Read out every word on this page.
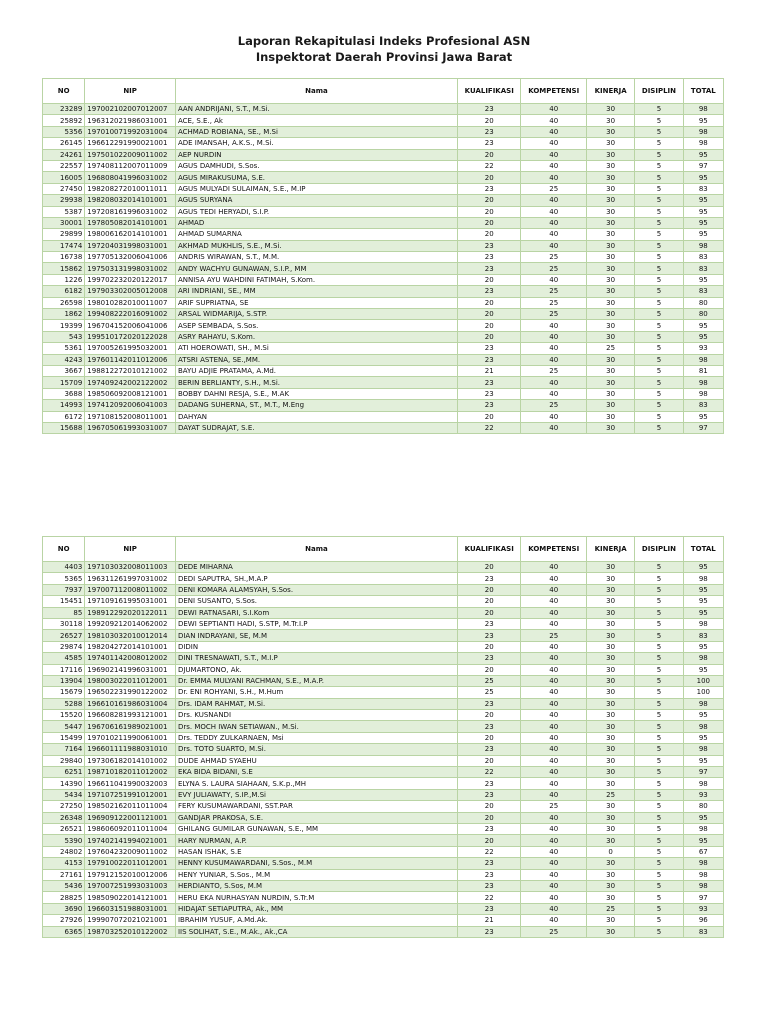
Laporan Rekapitulasi Indeks Profesional ASN
Inspektorat Daerah Provinsi Jawa Barat
NO	NIP	Nama	KUALIFIKASI	KOMPETENSI	KINERJA	DISIPLIN	TOTAL
23289	197002102007012007	AAN ANDRIJANI, S.T., M.Si.	23	40	30	5	98
25892	196312021986031001	ACE, S.E., Ak	20	40	30	5	95
5356	197010071992031004	ACHMAD ROBIANA, SE., M.Si	23	40	30	5	98
26145	196612291990021001	ADE IMANSAH, A.K.S., M.Si.	23	40	30	5	98
24261	197501022009011002	AEP NURDIN	20	40	30	5	95
22557	197408112007011009	AGUS DAMHUDI, S.Sos.	22	40	30	5	97
16005	196808041996031002	AGUS MIRAKUSUMA, S.E.	20	40	30	5	95
27450	198208272010011011	AGUS MULYADI SULAIMAN, S.E., M.IP	23	25	30	5	83
29938	198208032014101001	AGUS SURYANA	20	40	30	5	95
5387	197208161996031002	AGUS TEDI HERYADI, S.I.P.	20	40	30	5	95
30001	197805082014101001	AHMAD	20	40	30	5	95
29899	198006162014101001	AHMAD SUMARNA	20	40	30	5	95
17474	197204031998031001	AKHMAD MUKHLIS, S.E., M.Si.	23	40	30	5	98
16738	197705132006041006	ANDRIS WIRAWAN, S.T., M.M.	23	25	30	5	83
15862	197503131998031002	ANDY WACHYU GUNAWAN, S.I.P., MM	23	25	30	5	83
1226	199702232020122017	ANNISA AYU WAHDINI FATIMAH, S.Kom.	20	40	30	5	95
6182	197903302005012008	ARI INDRIANI, SE., MM	23	25	30	5	83
26598	198010282010011007	ARIF SUPRIATNA, SE	20	25	30	5	80
1862	199408222016091002	ARSAL WIDMARIJA, S.STP.	20	25	30	5	80
19399	196704152006041006	ASEP SEMBADA, S.Sos.	20	40	30	5	95
543	199510172020122028	ASRY RAHAYU, S.Kom.	20	40	30	5	95
5361	197005261995032001	ATI HOEROWATI, SH., M.Si	23	40	25	5	93
4243	197601142011012006	ATSRI ASTENA, SE.,MM.	23	40	30	5	98
3667	198812272010121002	BAYU ADJIE PRATAMA, A.Md.	21	25	30	5	81
15709	197409242002122002	BERIN BERLIANTY, S.H., M.Si.	23	40	30	5	98
3688	198506092008121001	BOBBY DAHNI RESJA, S.E., M.AK	23	40	30	5	98
14993	197412092006041003	DADANG SUHERNA, ST., M.T., M.Eng	23	25	30	5	83
6172	197108152008011001	DAHYAN	20	40	30	5	95
15688	196705061993031007	DAYAT SUDRAJAT, S.E.	22	40	30	5	97
NO	NIP	Nama	KUALIFIKASI	KOMPETENSI	KINERJA	DISIPLIN	TOTAL
4403	197103032008011003	DEDE MIHARNA	20	40	30	5	95
5365	196311261997031002	DEDI SAPUTRA, SH.,M.A.P	23	40	30	5	98
7937	197007112008011002	DENI KOMARA ALAMSYAH, S.Sos.	20	40	30	5	95
15451	197109161995031001	DENI SUSANTO, S.Sos.	20	40	30	5	95
85	198912292020122011	DEWI RATNASARI, S.I.Kom	20	40	30	5	95
30118	199209212014062002	DEWI SEPTIANTI HADI, S.STP, M.Tr.I.P	23	40	30	5	98
26527	198103032010012014	DIAN INDRAYANI, SE, M.M	23	25	30	5	83
29874	198204272014101001	DIDIN	20	40	30	5	95
4585	197401142008012002	DINI TRESNAWATI, S.T., M.I.P	23	40	30	5	98
17116	196902141996031001	DJUMARTONO, Ak.	20	40	30	5	95
13904	198003022011012001	Dr. EMMA MULYANI RACHMAN, S.E., M.A.P.	25	40	30	5	100
15679	196502231990122002	Dr. ENI ROHYANI, S.H., M.Hum	25	40	30	5	100
5288	196610161986031004	Drs. IDAM RAHMAT, M.Si.	23	40	30	5	98
15520	196608281993121001	Drs. KUSNANDI	20	40	30	5	95
5447	196706161989021001	Drs. MOCH IWAN SETIAWAN., M.Si.	23	40	30	5	98
15499	197010211990061001	Drs. TEDDY ZULKARNAEN, Msi	20	40	30	5	95
7164	196601111988031010	Drs. TOTO SUARTO, M.Si.	23	40	30	5	98
29840	197306182014101002	DUDE AHMAD SYAEHU	20	40	30	5	95
6251	198710182011012002	EKA BIDA BIDANI, S.E	22	40	30	5	97
14390	196611041990032003	ELYNA S. LAURA SIAHAAN, S.K.p.,MH	23	40	30	5	98
5434	197107251991012001	EVY JULIAWATY, S.IP.,M.Si	23	40	25	5	93
27250	198502162011011004	FERY KUSUMAWARDANI, SST.PAR	20	25	30	5	80
26348	196909122001121001	GANDJAR PRAKOSA, S.E.	20	40	30	5	95
26521	198606092011011004	GHILANG GUMILAR GUNAWAN, S.E., MM	23	40	30	5	98
5390	197402141994021001	HARY NURMAN, A.P.	20	40	30	5	95
24802	197604232009011002	HASAN ISHAK, S.E	22	40	0	5	67
4153	197910022011012001	HENNY KUSUMAWARDANI, S.Sos., M.M	23	40	30	5	98
27161	197912152010012006	HENY YUNIAR, S.Sos., M.M	23	40	30	5	98
5436	197007251993031003	HERDIANTO, S.Sos, M.M	23	40	30	5	98
28825	198509022014121001	HERU EKA NURHASYAN NURDIN, S.Tr.M	22	40	30	5	97
3690	196603151988031001	HIDAJAT SETIAPUTRA, Ak., MM	23	40	25	5	93
27926	199907072021021001	IBRAHIM YUSUF, A.Md.Ak.	21	40	30	5	96
6365	198703252010122002	IIS SOLIHAT, S.E., M.Ak., Ak.,CA	23	25	30	5	83
